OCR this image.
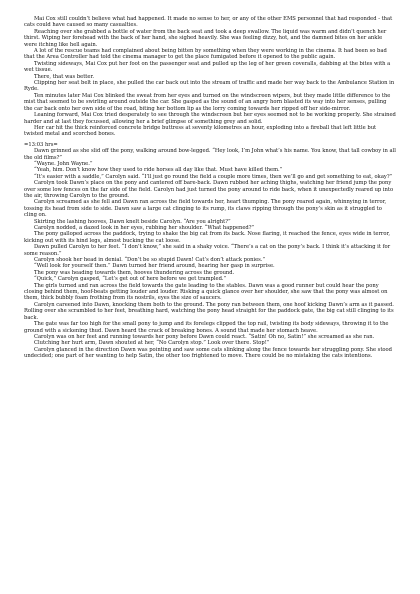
Mai Cox still couldn’t believe what had happened. It made no sense to her, or any of the other EMS personnel that had responded - that cats could have caused so many casualties.

Reaching over she grabbed a bottle of water from the back seat and took a deep swallow. The liquid was warm and didn’t quench her thirst. Wiping her forehead with the back of her hand, she sighed heavily. She was feeling dizzy, hot, and the damned bites on her ankle were itching like hell again.

A lot of the rescue teams had complained about being bitten by something when they were working in the cinema. It had been so bad that the Area Controller had told the cinema manager to get the place fumigated before it opened to the public again.

Twisting sideways, Mai Cox put her foot on the passenger seat and pulled up the leg of her green coveralls, dabbing at the bites with a wet tissue.

There, that was better.

Clipping her seat belt in place, she pulled the car back out into the stream of traffic and made her way back to the Ambulance Station in Ryde.

Ten minutes later Mai Cox blinked the sweat from her eyes and turned on the windscreen wipers, but they made little difference to the mist that seemed to be swirling around outside the car. She gasped as the sound of an angry horn blasted its way into her senses, pulling the car back onto her own side of the road, biting her bottom lip as the lorry coming towards her ripped off her side-mirror.

Leaning forward, Mai Cox tried desperately to see through the windscreen but her eyes seemed not to be working properly. She strained harder and at last they focussed, allowing her a brief glimpse of something grey and solid.

Her car hit the thick reinforced concrete bridge buttress at seventy kilometres an hour, exploding into a fireball that left little but twisted metal and scorched bones.

=13:03 hrs=

Dawn grinned as she slid off the pony, walking around bow-legged. “Hey look, I’m John what’s his name. You know, that tall cowboy in all the old films?”

“Wayne. John Wayne.”

“Yeah, him. Don’t know how they used to ride horses all day like that. Must have killed them.”

“It’s easier with a saddle,” Carolyn said. “I’ll just go round the field a couple more times, then we’ll go and get something to eat, okay?”

Carolyn took Dawn’s place on the pony and cantered off bare-back. Dawn rubbed her aching thighs, watching her friend jump the pony over some low fences on the far side of the field. Carolyn had just turned the pony around to ride back, when it unexpectedly reared up into the air, throwing Carolyn to the ground.

Carolyn screamed as she fell and Dawn ran across the field towards her, heart thumping. The pony reared again, whinnying in terror, tossing its head from side to side. Dawn saw a large cat clinging to its rump, its claws ripping through the pony’s skin as it struggled to cling on.

Skirting the lashing hooves, Dawn knelt beside Carolyn. “Are you alright?”

Carolyn nodded, a dazed look in her eyes, rubbing her shoulder. “What happened?”

The pony galloped across the paddock, trying to shake the big cat from its back. Nose flaring, it reached the fence, eyes wide in terror, kicking out with its hind legs, almost bucking the cat loose.

Dawn pulled Carolyn to her feet. “I don’t know,” she said in a shaky voice. “There’s a cat on the pony’s back. I think it’s attacking it for some reason.”

Carolyn shook her head in denial. “Don’t be so stupid Dawn! Cat’s don’t attack ponies.”

“Well look for yourself then.” Dawn turned her friend around, hearing her gasp in surprise.

The pony was heading towards them, hooves thundering across the ground.

“Quick,” Carolyn gasped, “Let’s get out of here before we get trampled.”

The girls turned and ran across the field towards the gate leading to the stables. Dawn was a good runner but could hear the pony closing behind them, hoof-beats getting louder and louder. Risking a quick glance over her shoulder, she saw that the pony was almost on them, thick bubbly foam frothing from its nostrils, eyes the size of saucers.

Carolyn careened into Dawn, knocking them both to the ground. The pony ran between them, one hoof kicking Dawn’s arm as it passed. Rolling over she scrambled to her feet, breathing hard, watching the pony head straight for the paddock gate, the big cat still clinging to its back.

The gate was far too high for the small pony to jump and its forelegs clipped the top rail, twisting its body sideways, throwing it to the ground with a sickening thud. Dawn heard the crack of breaking bones. A sound that made her stomach heave.

Carolyn was on her feet and running towards her pony before Dawn could react. “Satin! Oh no, Satin!” she screamed as she ran.

Clutching her hurt arm, Dawn shouted at her, “No Carolyn stop.” Look over there. Stop!”

Carolyn glanced in the direction Dawn was pointing and saw some cats slinking along the fence towards her struggling pony. She stood undecided; one part of her wanting to help Satin, the other too frightened to move. There could be no mistaking the cats intentions.
